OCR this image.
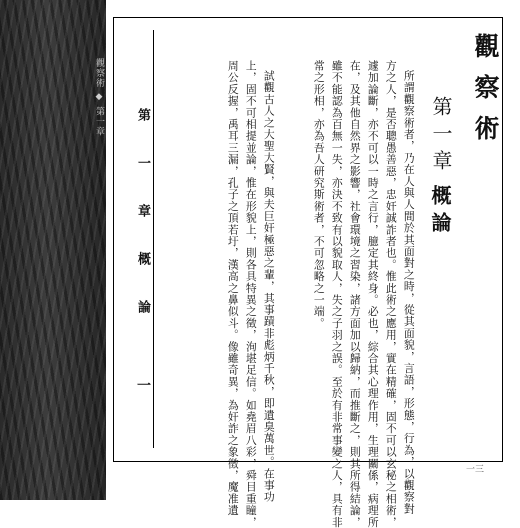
觀察術 ◆ 第一章	觀察術
第一章
概論
所謂觀察術者，乃在人與人間於其面對之時，從其面貌，言語，形態，行為，以觀察對
方之人，是否聰愚善惡，忠奸誠詐者也。惟此術之應用，實在精確，固不可以玄秘之相術，
遽加論斷，亦不可以一時之言行，臆定其終身。必也，綜合其心理作用，生理關係，病理所
在，及其他自然界之影響，社會環境之習染，諸方面加以歸納，而推斷之，則其所得結論，
雖不能認為百無一失，亦決不致有以貌取人，失之子羽之誤。至於有非常事變之人，具有非
常之形相，亦為吾人研究斯術者，不可忽略之一端。
試觀古人之大聖大賢，與夫巨奸極惡之輩，其事蹟非彪炳千秋，即遺臭萬世。在事功
上，固不可相提並論，惟在形貌上，則各具特異之徵，洵堪足信。如堯眉八彩，舜目重瞳，
周公反握，禹耳三漏，孔子之頂若圩，漢高之鼻似斗。像雖奇異，為奸詐之象徵，魔准遺
第 一 章 概 論
一
一三
